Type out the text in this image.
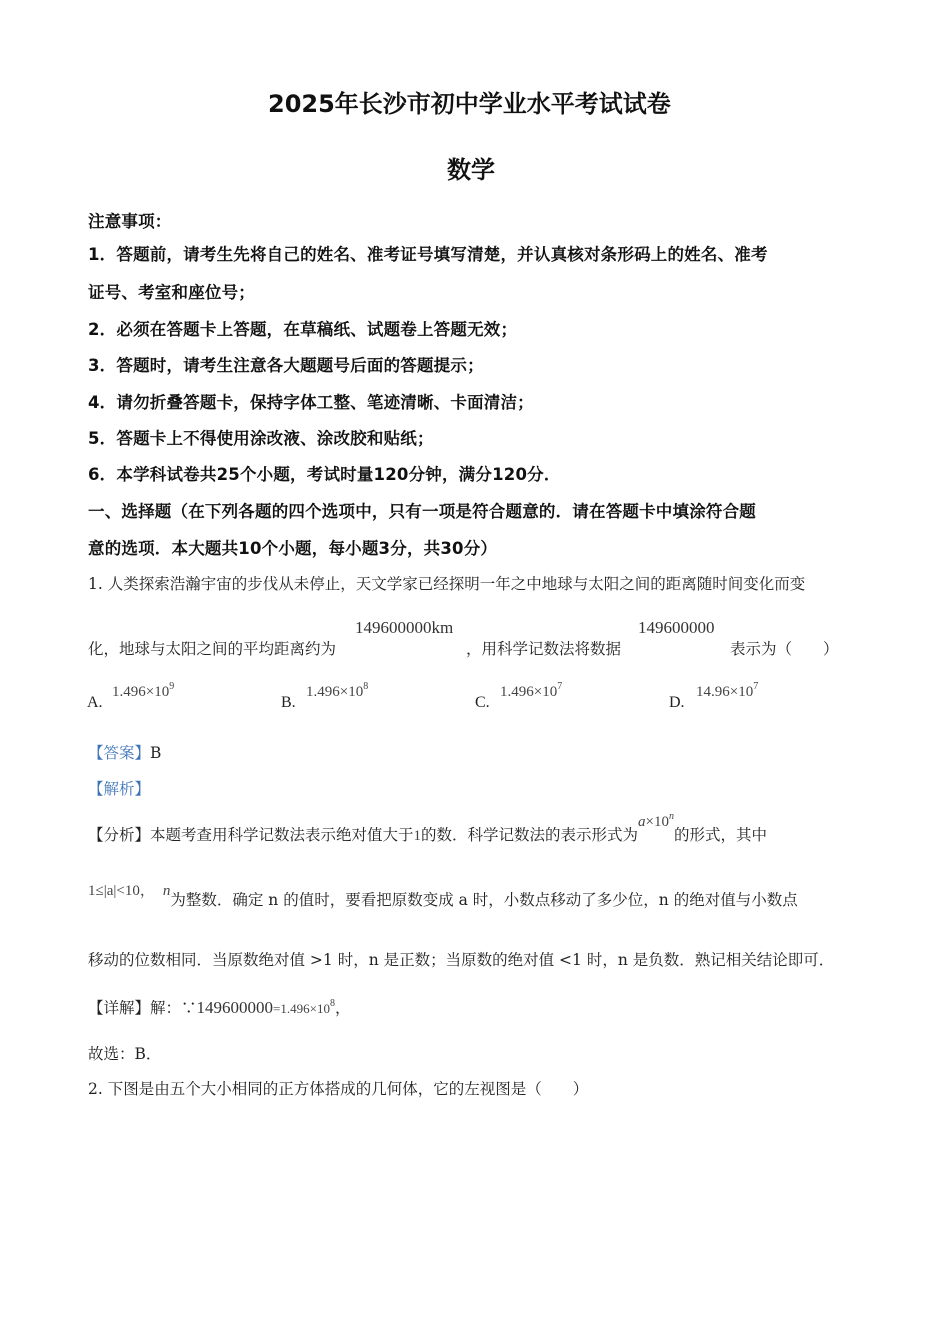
2025年长沙市初中学业水平考试试卷
数学
注意事项：
1．答题前，请考生先将自己的姓名、准考证号填写清楚，并认真核对条形码上的姓名、准考
证号、考室和座位号；
2．必须在答题卡上答题，在草稿纸、试题卷上答题无效；
3．答题时，请考生注意各大题题号后面的答题提示；
4．请勿折叠答题卡，保持字体工整、笔迹清晰、卡面清洁；
5．答题卡上不得使用涂改液、涂改胶和贴纸；
6．本学科试卷共25个小题，考试时量120分钟，满分120分．
一、选择题（在下列各题的四个选项中，只有一项是符合题意的．请在答题卡中填涂符合题
意的选项．本大题共10个小题，每小题3分，共30分）
1. 人类探索浩瀚宇宙的步伐从未停止，天文学家已经探明一年之中地球与太阳之间的距离随时间变化而变
化，地球与太阳之间的平均距离约为
149600000km
，用科学记数法将数据
149600000
表示为（　　）
A.
$1.496\times 10^9$
B.
$1.496\times 10^8$
C.
$1.496\times 10^7$
D.
$14.96\times 10^7$
【答案】B
【解析】
【分析】本题考查用科学记数法表示绝对值大于1的数．科学记数法的表示形式为$a\times 10^n$的形式，其中
1≤|a|<10， n为整数．确定 n 的值时，要看把原数变成 a 时，小数点移动了多少位，n 的绝对值与小数点
移动的位数相同．当原数绝对值 >1 时，n 是正数；当原数的绝对值 <1 时，n 是负数．熟记相关结论即可．
【详解】解：$\because 149600000=1.496\times 10^8$，
故选：B．
2. 下图是由五个大小相同的正方体搭成的几何体，它的左视图是（　　）
